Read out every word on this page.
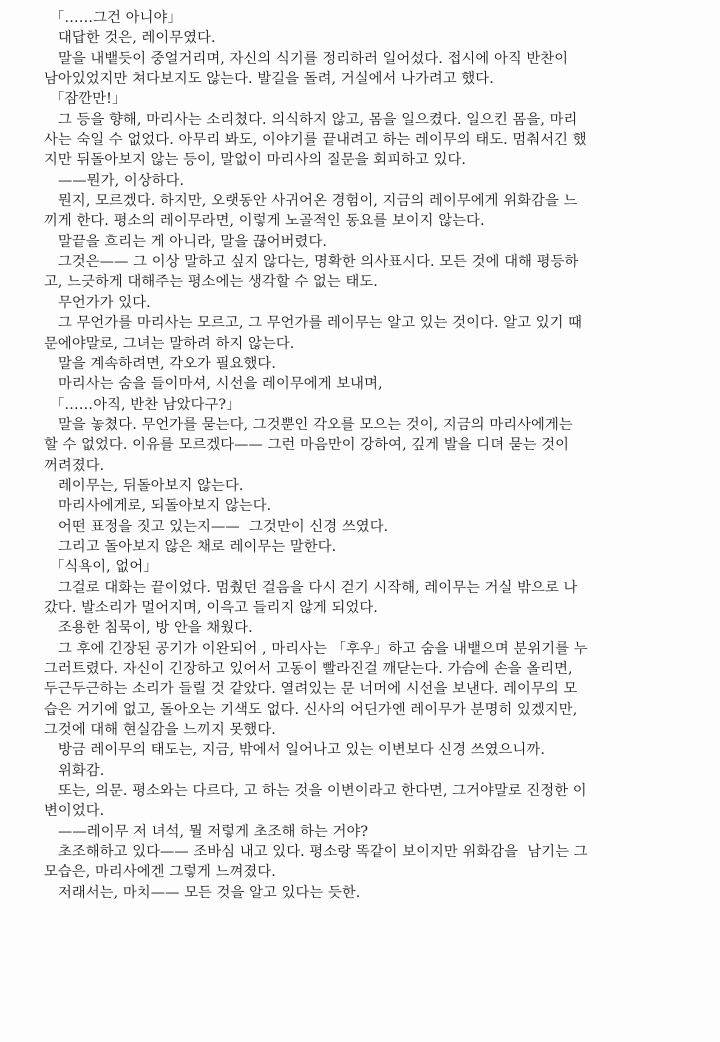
「……그건 아니야」
대답한 것은, 레이무였다.
말을 내뱉듯이 중얼거리며, 자신의 식기를 정리하러 일어섰다. 접시에 아직 반찬이
남아있었지만 쳐다보지도 않는다. 발길을 돌려, 거실에서 나가려고 했다.
「잠깐만!」
그 등을 향해, 마리사는 소리쳤다. 의식하지 않고, 몸을 일으켰다. 일으킨 몸을, 마리
사는 숙일 수 없었다. 아무리 봐도, 이야기를 끝내려고 하는 레이무의 태도. 멈춰서긴 했
지만 뒤돌아보지 않는 등이, 말없이 마리사의 질문을 회피하고 있다.
——뭔가, 이상하다.
뭔지, 모르겠다. 하지만, 오랫동안 사귀어온 경험이, 지금의 레이무에게 위화감을 느
끼게 한다. 평소의 레이무라면, 이렇게 노골적인 동요를 보이지 않는다.
말끝을 흐리는 게 아니라, 말을 끊어버렸다.
그것은—— 그 이상 말하고 싶지 않다는, 명확한 의사표시다. 모든 것에 대해 평등하
고, 느긋하게 대해주는 평소에는 생각할 수 없는 태도.
무언가가 있다.
그 무언가를 마리사는 모르고, 그 무언가를 레이무는 알고 있는 것이다. 알고 있기 때
문에야말로, 그녀는 말하려 하지 않는다.
말을 계속하려면, 각오가 필요했다.
마리사는 숨을 들이마셔, 시선을 레이무에게 보내며,
「……아직, 반찬 남았다구?」
말을 놓쳤다. 무언가를 묻는다, 그것뿐인 각오를 모으는 것이, 지금의 마리사에게는
할 수 없었다. 이유를 모르겠다—— 그런 마음만이 강하여, 깊게 발을 디뎌 묻는 것이
꺼려졌다.
레이무는, 뒤돌아보지 않는다.
마리사에게로, 되돌아보지 않는다.
어떤 표정을 짓고 있는지——  그것만이 신경 쓰였다.
그리고 돌아보지 않은 채로 레이무는 말한다.
「식욕이, 없어」
그걸로 대화는 끝이었다. 멈췄던 걸음을 다시 걷기 시작해, 레이무는 거실 밖으로 나
갔다. 발소리가 멀어지며, 이윽고 들리지 않게 되었다.
조용한 침묵이, 방 안을 채웠다.
그 후에 긴장된 공기가 이완되어 , 마리사는 「후우」하고 숨을 내뱉으며 분위기를 누
그러트렸다. 자신이 긴장하고 있어서 고동이 빨라진걸 깨닫는다. 가슴에 손을 올리면,
두근두근하는 소리가 들릴 것 같았다. 열려있는 문 너머에 시선을 보낸다. 레이무의 모
습은 거기에 없고, 돌아오는 기색도 없다. 신사의 어딘가엔 레이무가 분명히 있겠지만,
그것에 대해 현실감을 느끼지 못했다.
방금 레이무의 태도는, 지금, 밖에서 일어나고 있는 이변보다 신경 쓰였으니까.
위화감.
또는, 의문. 평소와는 다르다, 고 하는 것을 이변이라고 한다면, 그거야말로 진정한 이
변이었다.
——레이무 저 녀석, 뭘 저렇게 초조해 하는 거야?
초조해하고 있다—— 조바심 내고 있다. 평소랑 똑같이 보이지만 위화감을  남기는 그
모습은, 마리사에겐 그렇게 느껴졌다.
저래서는, 마치—— 모든 것을 알고 있다는 듯한.
